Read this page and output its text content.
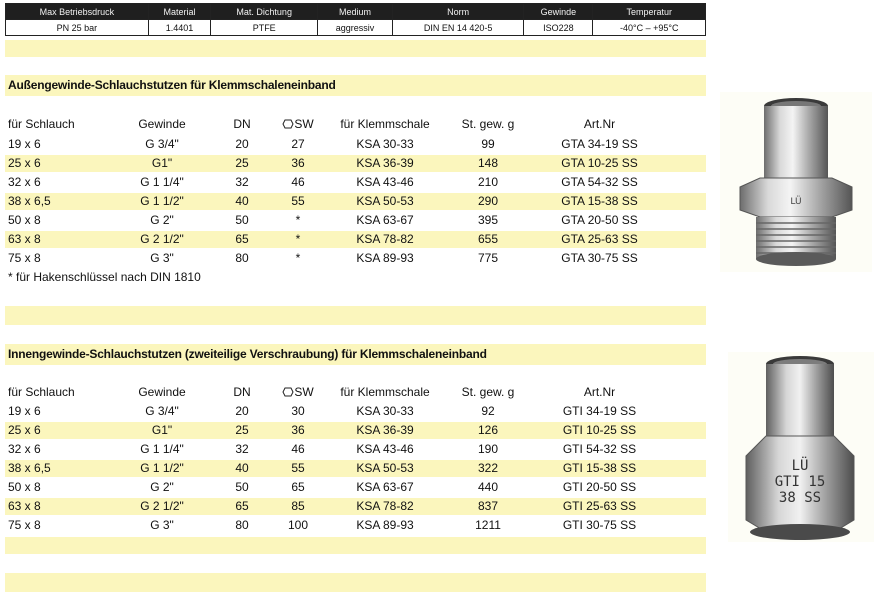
Max Betriebsdruck	Material	Mat. Dichtung	Medium	Norm	Gewinde	Temperatur
PN 25 bar	1.4401	PTFE	aggressiv	DIN EN 14 420-5	ISO228	-40°C – +95°C
Außengewinde-Schlauchstutzen für Klemmschaleneinband
für Schlauch	Gewinde	DN	SW	für Klemmschale	St. gew. g	Art.Nr
19 x 6	G 3/4"	20	27	KSA 30-33	99	GTA 34-19 SS
25 x 6	G1"	25	36	KSA 36-39	148	GTA 10-25 SS
32 x 6	G 1 1/4"	32	46	KSA 43-46	210	GTA 54-32 SS
38 x 6,5	G 1 1/2"	40	55	KSA 50-53	290	GTA 15-38 SS
50 x 8	G 2"	50	*	KSA 63-67	395	GTA 20-50 SS
63 x 8	G 2 1/2"	65	*	KSA 78-82	655	GTA 25-63 SS
75 x 8	G 3"	80	*	KSA 89-93	775	GTA 30-75 SS
* für Hakenschlüssel nach DIN 1810
Innengewinde-Schlauchstutzen (zweiteilige Verschraubung) für Klemmschaleneinband
für Schlauch	Gewinde	DN	SW	für Klemmschale	St. gew. g	Art.Nr
19 x 6	G 3/4"	20	30	KSA 30-33	92	GTI 34-19 SS
25 x 6	G1"	25	36	KSA 36-39	126	GTI 10-25 SS
32 x 6	G 1 1/4"	32	46	KSA 43-46	190	GTI 54-32 SS
38 x 6,5	G 1 1/2"	40	55	KSA 50-53	322	GTI 15-38 SS
50 x 8	G 2"	50	65	KSA 63-67	440	GTI 20-50 SS
63 x 8	G 2 1/2"	65	85	KSA 78-82	837	GTI 25-63 SS
75 x 8	G 3"	80	100	KSA 89-93	1211	GTI 30-75 SS
LÜ
LÜ
GTI 15
38 SS
